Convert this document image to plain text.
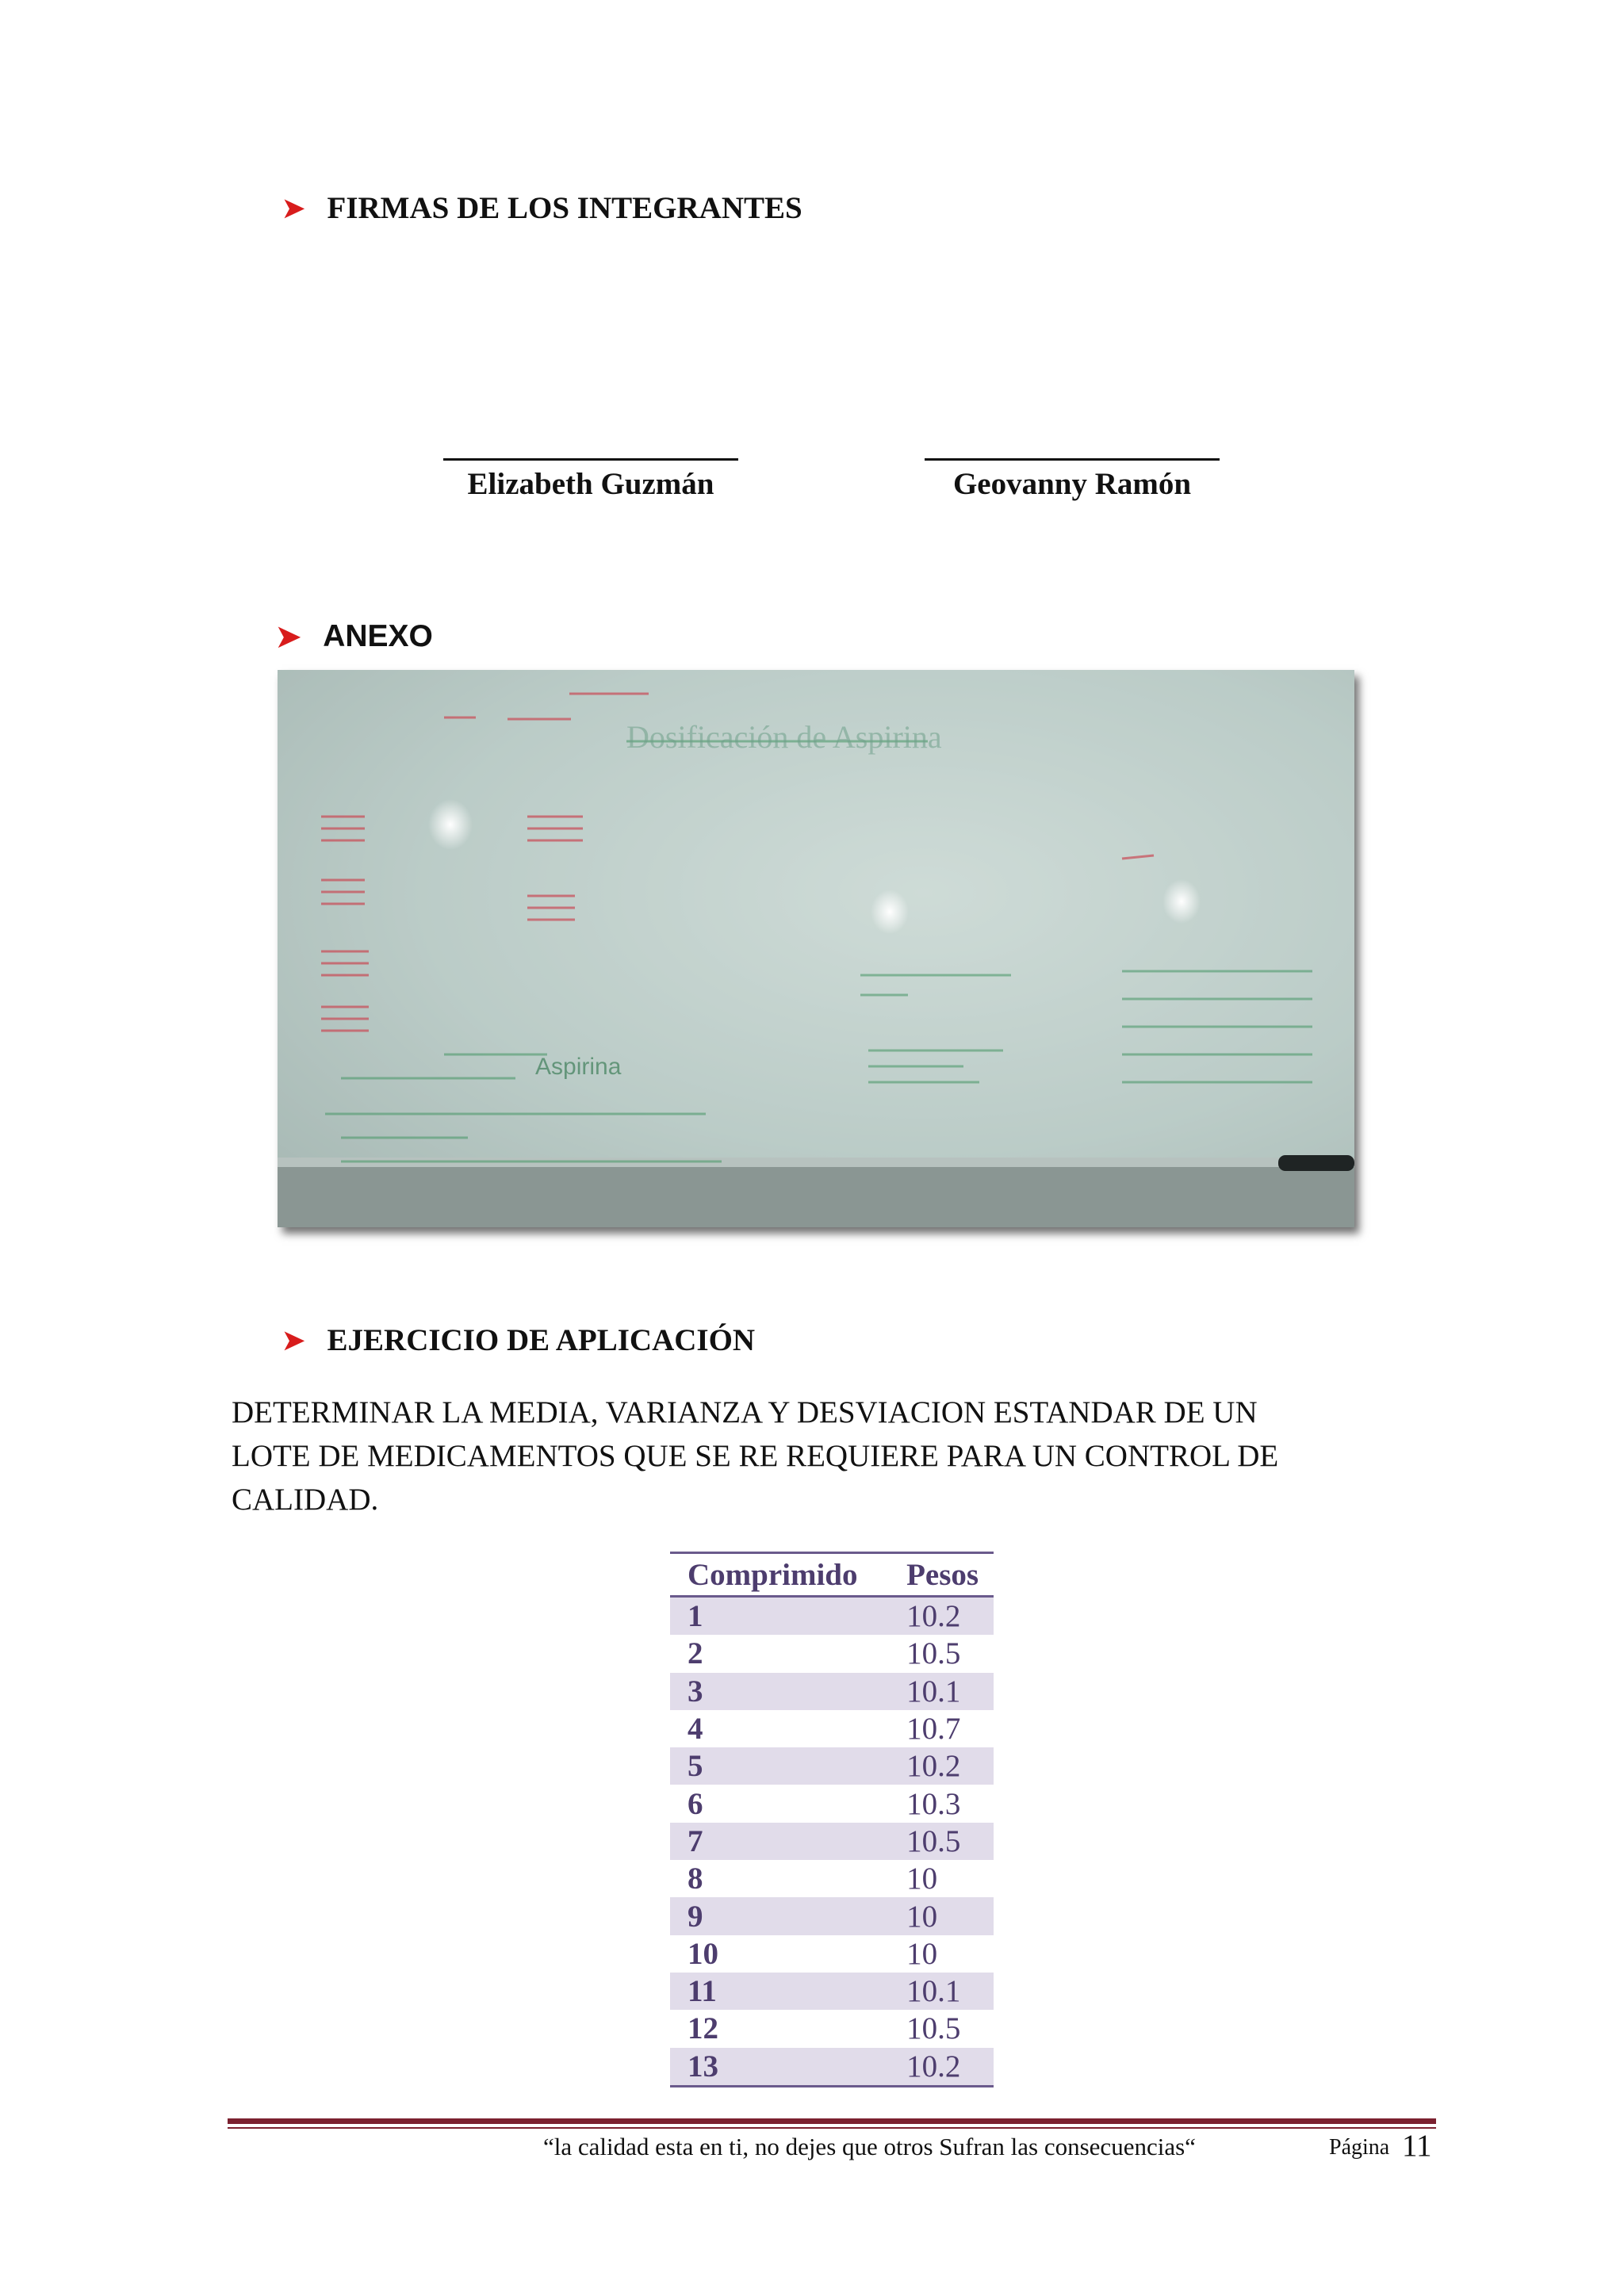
➤ FIRMAS DE LOS INTEGRANTES
Elizabeth Guzmán	Geovanny Ramón
➤ ANEXO
Dosificación de Aspirina
Aspirina
➤ EJERCICIO DE APLICACIÓN
DETERMINAR LA MEDIA, VARIANZA Y DESVIACION ESTANDAR DE UN
LOTE DE MEDICAMENTOS QUE SE RE REQUIERE PARA UN CONTROL DE
CALIDAD.
Comprimido	Pesos
1	10.2
2	10.5
3	10.1
4	10.7
5	10.2
6	10.3
7	10.5
8	10
9	10
10	10
11	10.1
12	10.5
13	10.2
“la calidad esta en ti, no dejes que otros Sufran las consecuencias“	Página 11
